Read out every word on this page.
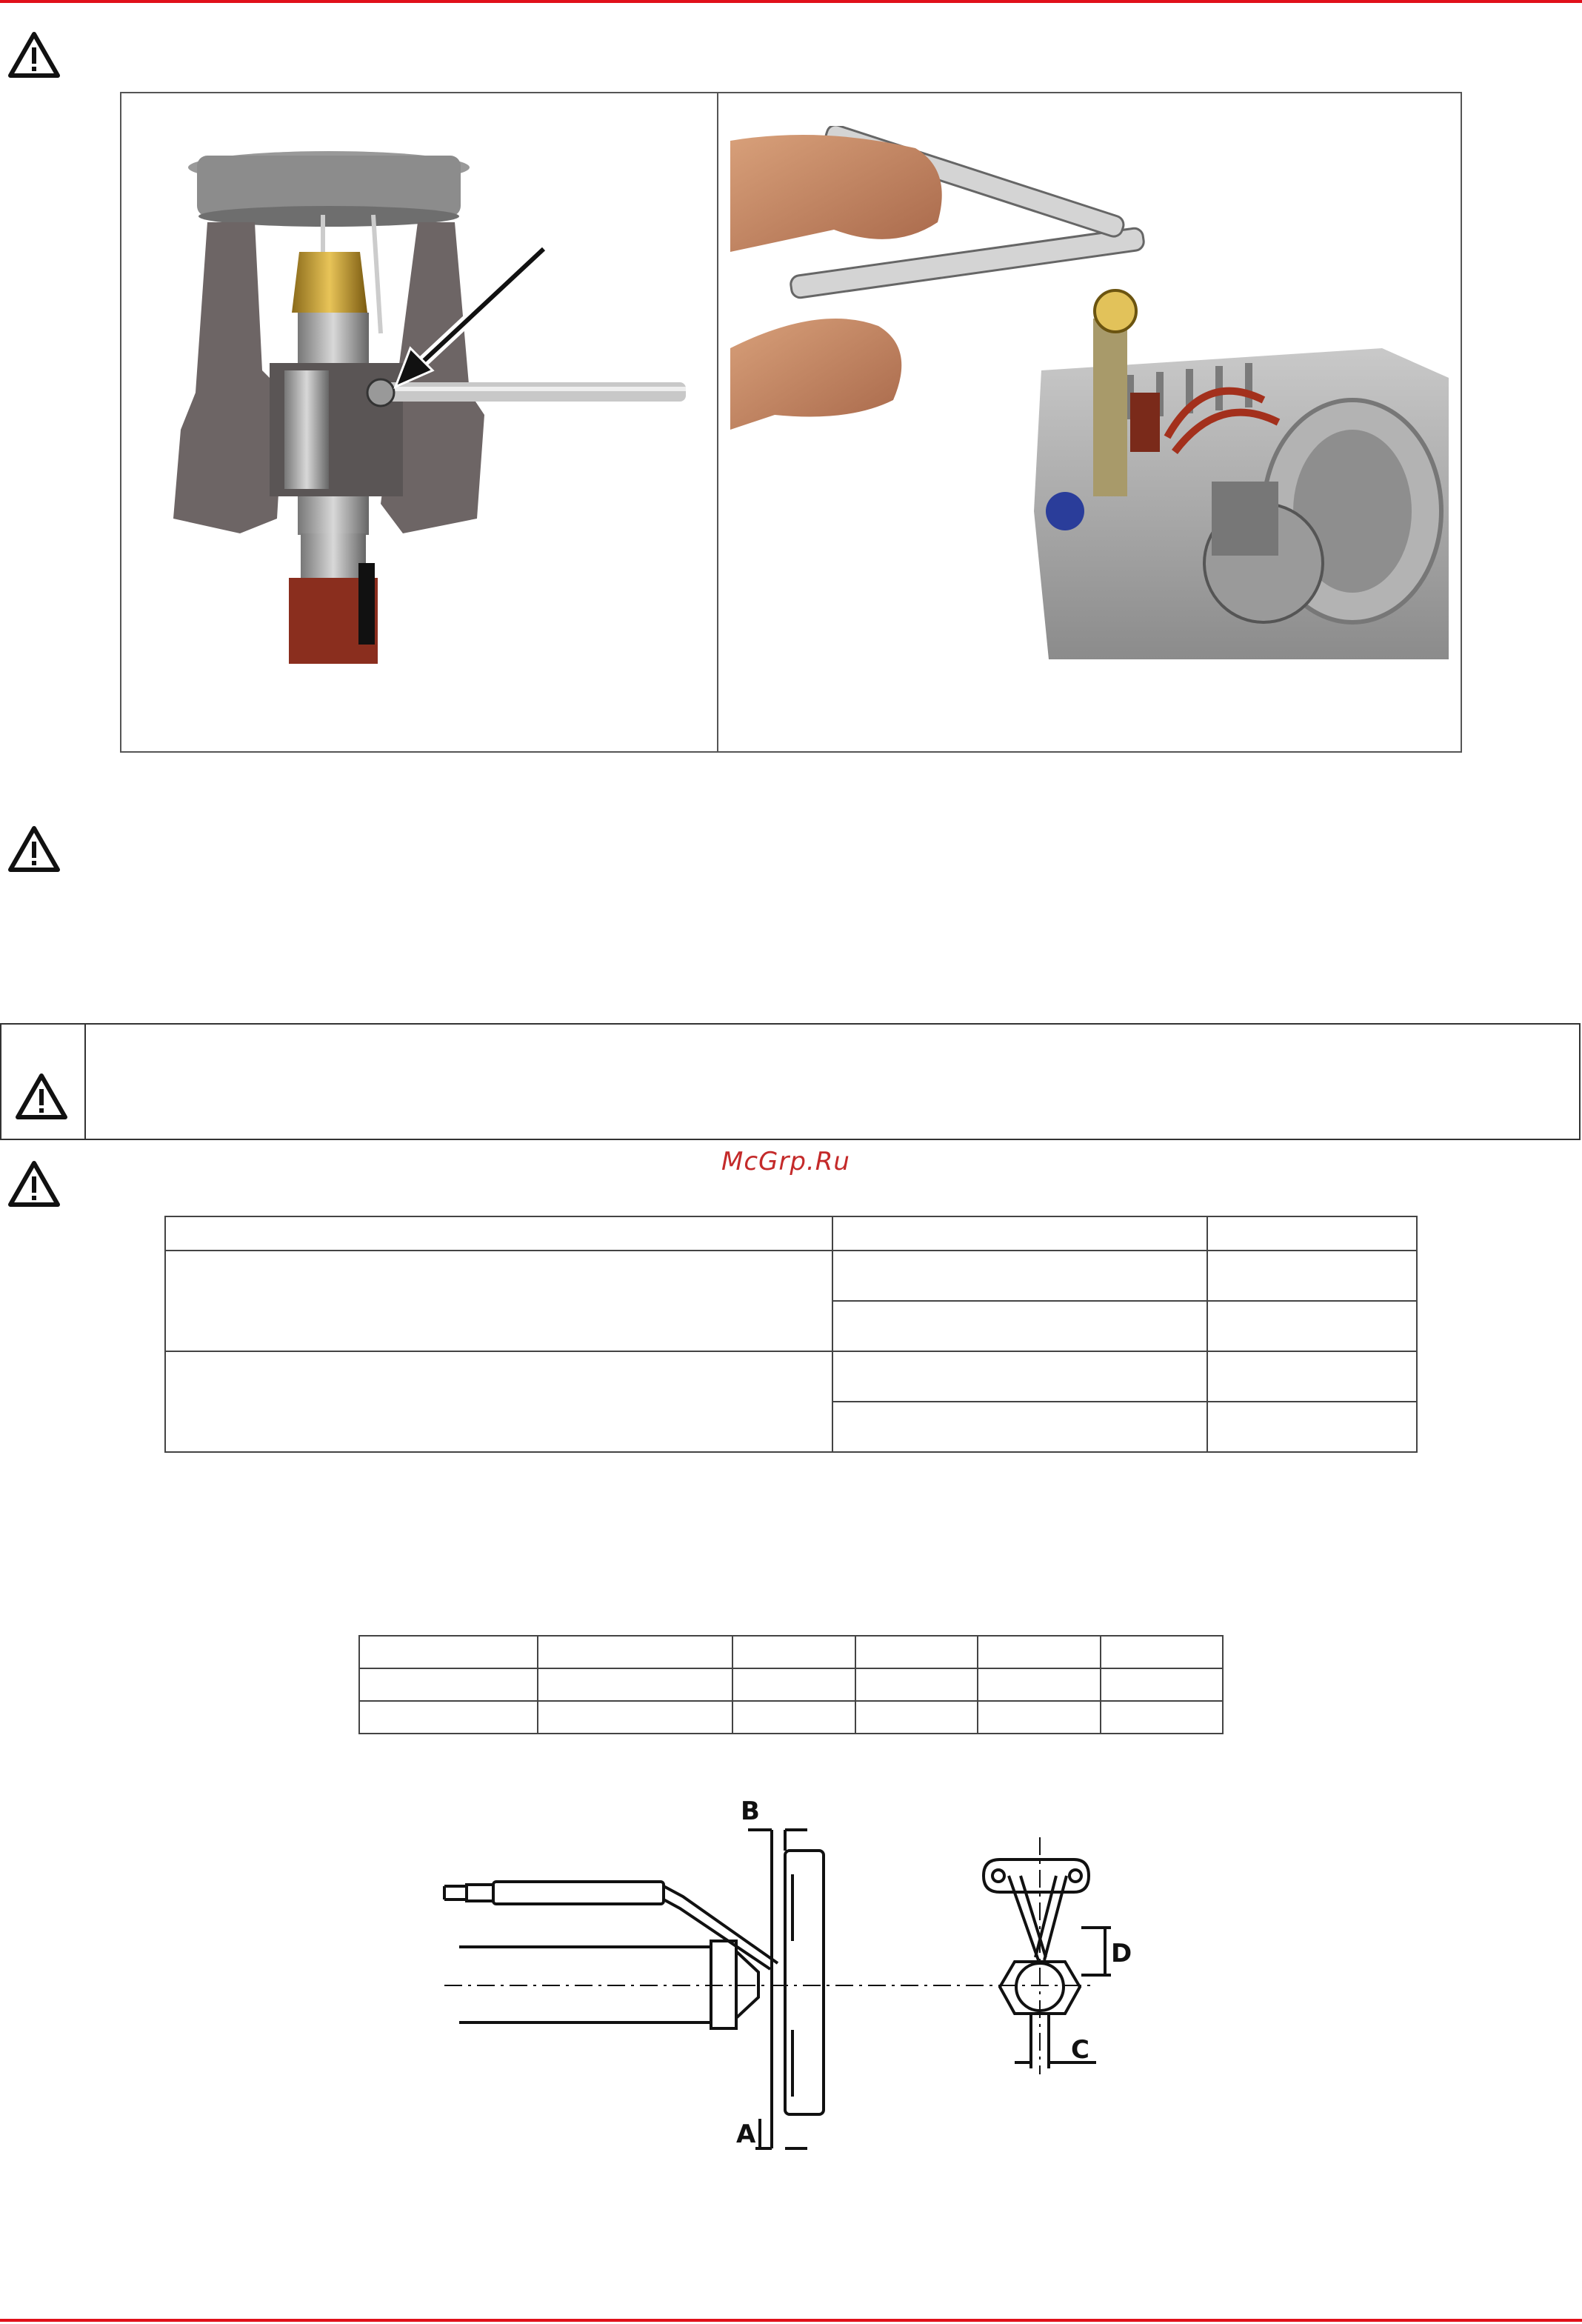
McGrp.Ru

B
A
D
C
